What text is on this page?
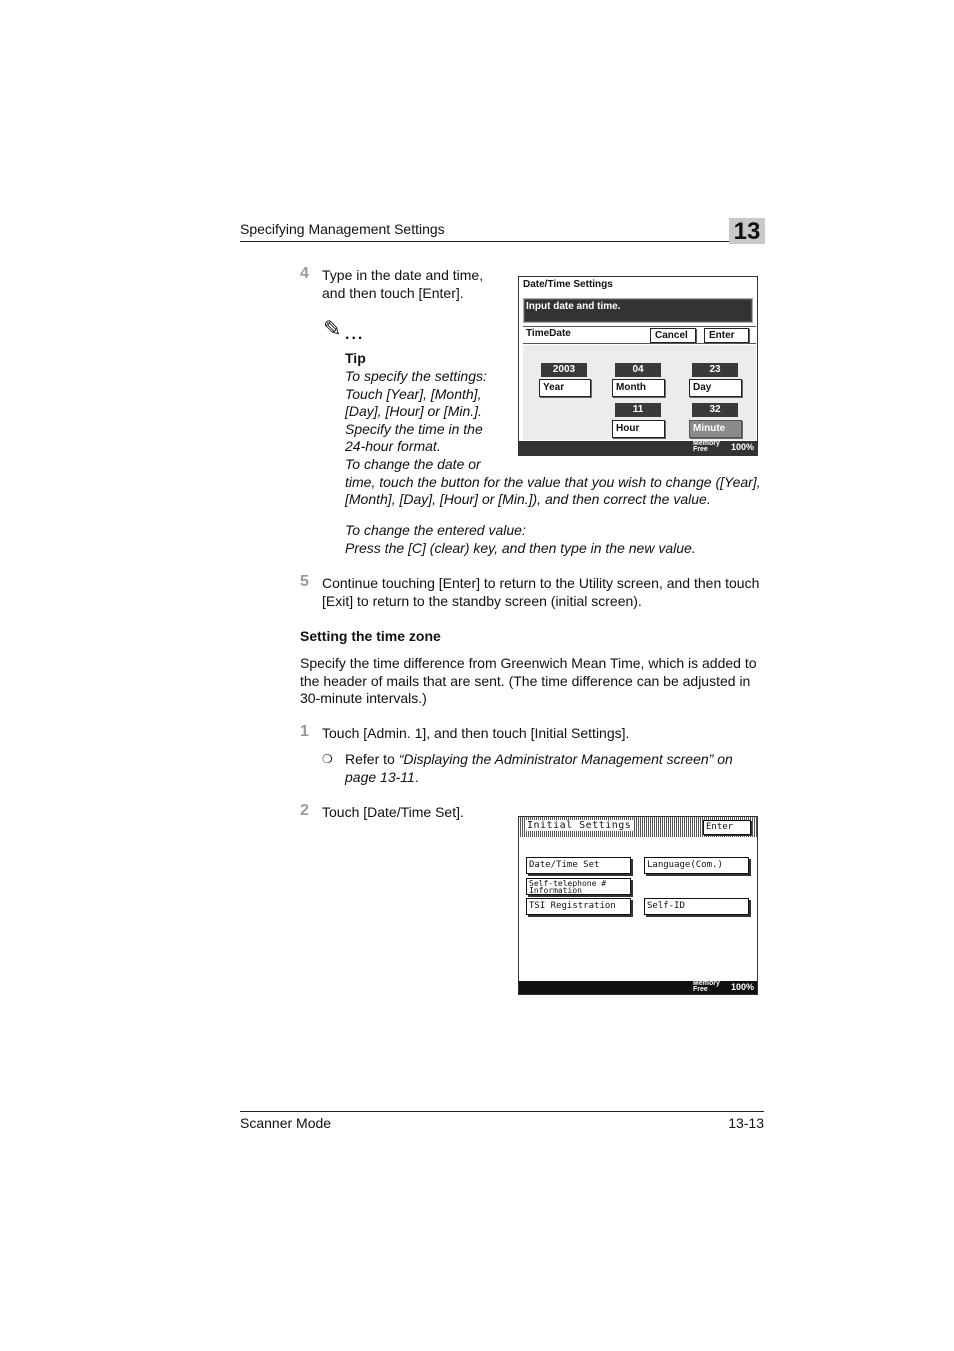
Specifying Management Settings	13
4 Type in the date and time,
and then touch [Enter].
✎ ...
Tip
To specify the settings:
Touch [Year], [Month],
[Day], [Hour] or [Min.].
Specify the time in the
24-hour format.
To change the date or
time, touch the button for the value that you wish to change ([Year],
[Month], [Day], [Hour] or [Min.]), and then correct the value.
To change the entered value:
Press the [C] (clear) key, and then type in the new value.
Date/Time Settings
Input date and time.
TimeDate	Cancel	Enter
2003
Year
04
Month
23
Day
11
Hour
32
Minute
Memory
Free	100%
5 Continue touching [Enter] to return to the Utility screen, and then touch
[Exit] to return to the standby screen (initial screen).
Setting the time zone
Specify the time difference from Greenwich Mean Time, which is added to
the header of mails that are sent. (The time difference can be adjusted in
30-minute intervals.)
1 Touch [Admin. 1], and then touch [Initial Settings].
❍ Refer to “Displaying the Administrator Management screen” on
page 13-11.
2 Touch [Date/Time Set].
Initial Settings	Enter
Date/Time Set	Language(Com.)
Self-telephone #
Information
TSI Registration	Self-ID
Memory
Free	100%
Scanner Mode	13-13
